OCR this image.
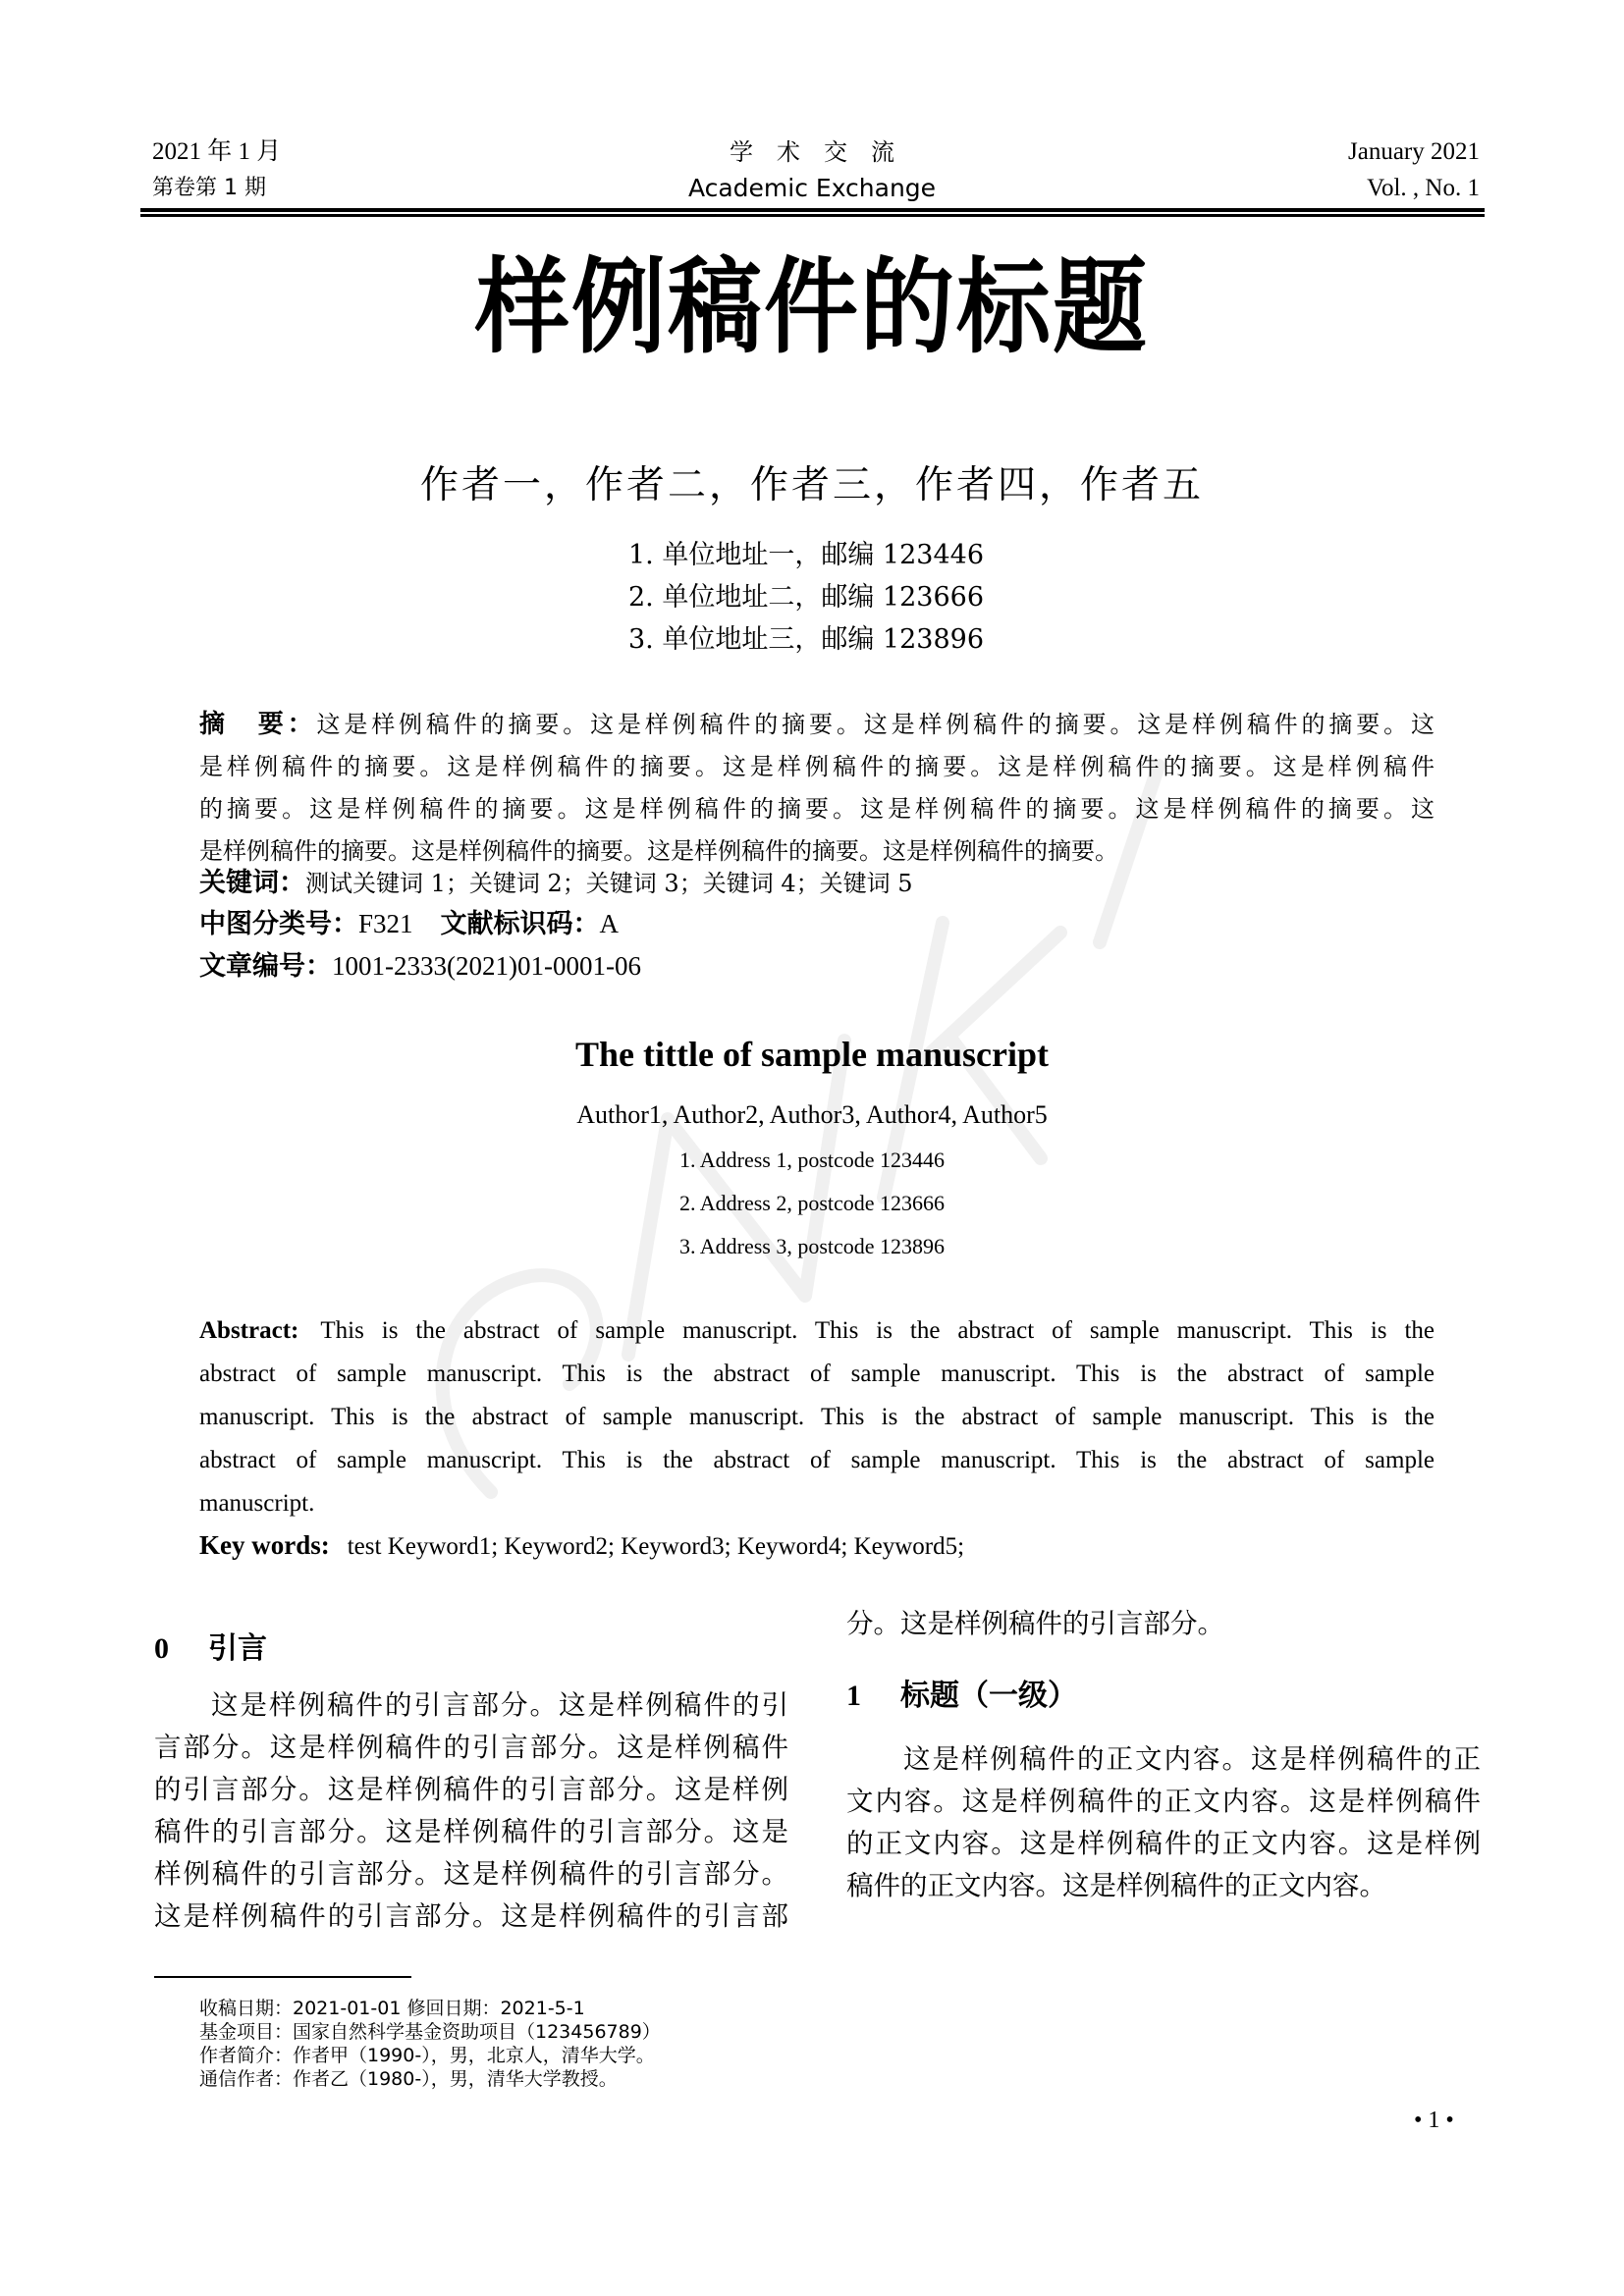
2021 年 1 月
第卷第 1 期
学　术　交　流
Academic Exchange
January 2021
Vol. , No. 1
样例稿件的标题
作者一，作者二，作者三，作者四，作者五
1. 单位地址一，邮编 123446
2. 单位地址二，邮编 123666
3. 单位地址三，邮编 123896
摘　要：这是样例稿件的摘要。这是样例稿件的摘要。这是样例稿件的摘要。这是样例稿件的摘要。这
是样例稿件的摘要。这是样例稿件的摘要。这是样例稿件的摘要。这是样例稿件的摘要。这是样例稿件
的摘要。这是样例稿件的摘要。这是样例稿件的摘要。这是样例稿件的摘要。这是样例稿件的摘要。这
是样例稿件的摘要。这是样例稿件的摘要。这是样例稿件的摘要。这是样例稿件的摘要。
关键词：测试关键词 1；关键词 2；关键词 3；关键词 4；关键词 5
中图分类号：F321 文献标识码：A
文章编号：1001-2333(2021)01-0001-06
The tittle of sample manuscript
Author1, Author2, Author3, Author4, Author5
1. Address 1, postcode 123446
2. Address 2, postcode 123666
3. Address 3, postcode 123896
Abstract: This is the abstract of sample manuscript. This is the abstract of sample manuscript. This is the
abstract of sample manuscript. This is the abstract of sample manuscript. This is the abstract of sample
manuscript. This is the abstract of sample manuscript. This is the abstract of sample manuscript. This is the
abstract of sample manuscript. This is the abstract of sample manuscript. This is the abstract of sample
manuscript.
Key words: test Keyword1; Keyword2; Keyword3; Keyword4; Keyword5;
0 引言
这是样例稿件的引言部分。这是样例稿件的引
言部分。这是样例稿件的引言部分。这是样例稿件
的引言部分。这是样例稿件的引言部分。这是样例
稿件的引言部分。这是样例稿件的引言部分。这是
样例稿件的引言部分。这是样例稿件的引言部分。
这是样例稿件的引言部分。这是样例稿件的引言部
分。这是样例稿件的引言部分。
1 标题（一级）
这是样例稿件的正文内容。这是样例稿件的正
文内容。这是样例稿件的正文内容。这是样例稿件
的正文内容。这是样例稿件的正文内容。这是样例
稿件的正文内容。这是样例稿件的正文内容。
收稿日期：2021-01-01 修回日期：2021-5-1
基金项目：国家自然科学基金资助项目（123456789）
作者简介：作者甲（1990-），男，北京人，清华大学。
通信作者：作者乙（1980-），男，清华大学教授。
• 1 •
